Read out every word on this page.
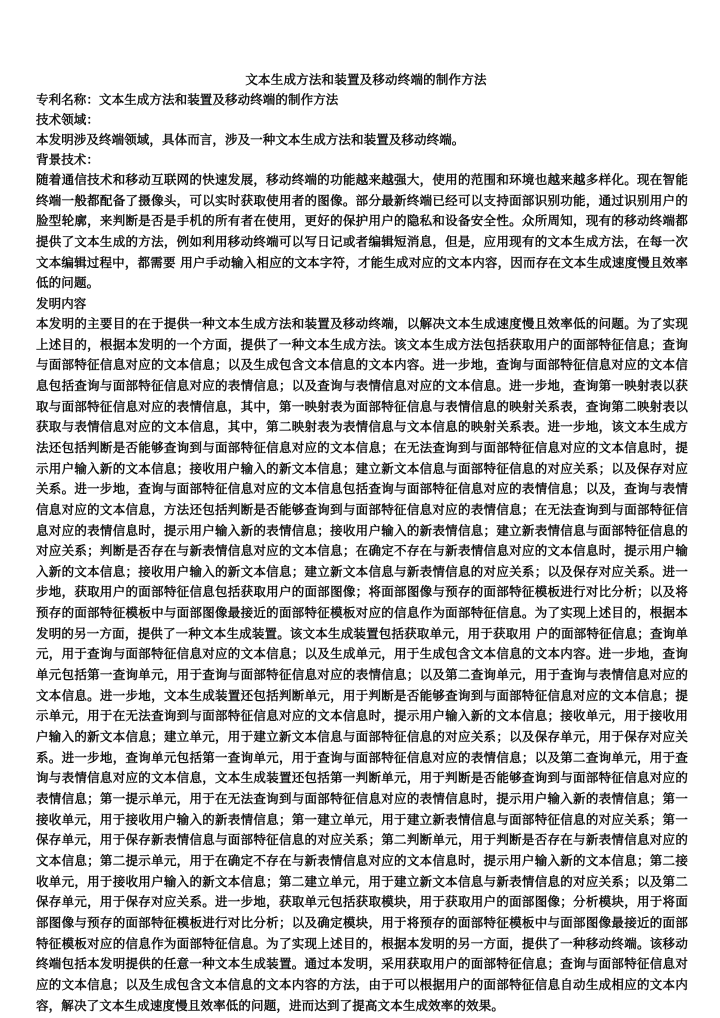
文本生成方法和装置及移动终端的制作方法

专利名称：文本生成方法和装置及移动终端的制作方法

技术领域：

本发明涉及终端领域，具体而言，涉及一种文本生成方法和装置及移动终端。

背景技术：

随着通信技术和移动互联网的快速发展，移动终端的功能越来越强大，使用的范围和环境也越来越多样化。现在智能终端一般都配备了摄像头，可以实时获取使用者的图像。部分最新终端已经可以支持面部识别功能，通过识别用户的脸型轮廓，来判断是否是手机的所有者在使用，更好的保护用户的隐私和设备安全性。众所周知，现有的移动终端都提供了文本生成的方法，例如利用移动终端可以写日记或者编辑短消息，但是，应用现有的文本生成方法，在每一次文本编辑过程中，都需要 用户手动输入相应的文本字符，才能生成对应的文本内容，因而存在文本生成速度慢且效率低的问题。

发明内容

本发明的主要目的在于提供一种文本生成方法和装置及移动终端，以解决文本生成速度慢且效率低的问题。为了实现上述目的，根据本发明的一个方面，提供了一种文本生成方法。该文本生成方法包括获取用户的面部特征信息；查询与面部特征信息对应的文本信息；以及生成包含文本信息的文本内容。进一步地，查询与面部特征信息对应的文本信息包括查询与面部特征信息对应的表情信息；以及查询与表情信息对应的文本信息。进一步地，查询第一映射表以获取与面部特征信息对应的表情信息，其中，第一映射表为面部特征信息与表情信息的映射关系表，查询第二映射表以获取与表情信息对应的文本信息，其中，第二映射表为表情信息与文本信息的映射关系表。进一步地，该文本生成方法还包括判断是否能够查询到与面部特征信息对应的文本信息；在无法查询到与面部特征信息对应的文本信息时，提示用户输入新的文本信息；接收用户输入的新文本信息；建立新文本信息与面部特征信息的对应关系；以及保存对应关系。进一步地，查询与面部特征信息对应的文本信息包括查询与面部特征信息对应的表情信息；以及，查询与表情信息对应的文本信息，方法还包括判断是否能够查询到与面部特征信息对应的表情信息；在无法查询到与面部特征信息对应的表情信息时，提示用户输入新的表情信息；接收用户输入的新表情信息；建立新表情信息与面部特征信息的对应关系；判断是否存在与新表情信息对应的文本信息；在确定不存在与新表情信息对应的文本信息时，提示用户输入新的文本信息；接收用户输入的新文本信息；建立新文本信息与新表情信息的对应关系；以及保存对应关系。进一步地，获取用户的面部特征信息包括获取用户的面部图像；将面部图像与预存的面部特征模板进行对比分析；以及将预存的面部特征模板中与面部图像最接近的面部特征模板对应的信息作为面部特征信息。为了实现上述目的，根据本发明的另一方面，提供了一种文本生成装置。该文本生成装置包括获取单元，用于获取用 户的面部特征信息；查询单元，用于查询与面部特征信息对应的文本信息；以及生成单元，用于生成包含文本信息的文本内容。进一步地，查询单元包括第一查询单元，用于查询与面部特征信息对应的表情信息；以及第二查询单元，用于查询与表情信息对应的文本信息。进一步地，文本生成装置还包括判断单元，用于判断是否能够查询到与面部特征信息对应的文本信息；提示单元，用于在无法查询到与面部特征信息对应的文本信息时，提示用户输入新的文本信息；接收单元，用于接收用户输入的新文本信息；建立单元，用于建立新文本信息与面部特征信息的对应关系；以及保存单元，用于保存对应关系。进一步地，查询单元包括第一查询单元，用于查询与面部特征信息对应的表情信息；以及第二查询单元，用于查询与表情信息对应的文本信息，文本生成装置还包括第一判断单元，用于判断是否能够查询到与面部特征信息对应的表情信息；第一提示单元，用于在无法查询到与面部特征信息对应的表情信息时，提示用户输入新的表情信息；第一接收单元，用于接收用户输入的新表情信息；第一建立单元，用于建立新表情信息与面部特征信息的对应关系；第一保存单元，用于保存新表情信息与面部特征信息的对应关系；第二判断单元，用于判断是否存在与新表情信息对应的文本信息；第二提示单元，用于在确定不存在与新表情信息对应的文本信息时，提示用户输入新的文本信息；第二接收单元，用于接收用户输入的新文本信息；第二建立单元，用于建立新文本信息与新表情信息的对应关系；以及第二保存单元，用于保存对应关系。进一步地，获取单元包括获取模块，用于获取用户的面部图像；分析模块，用于将面部图像与预存的面部特征模板进行对比分析；以及确定模块，用于将预存的面部特征模板中与面部图像最接近的面部特征模板对应的信息作为面部特征信息。为了实现上述目的，根据本发明的另一方面，提供了一种移动终端。该移动终端包括本发明提供的任意一种文本生成装置。通过本发明，采用获取用户的面部特征信息；查询与面部特征信息对应的文本信息；以及生成包含文本信息的文本内容的方法，由于可以根据用户的面部特征信息自动生成相应的文本内容，解决了文本生成速度慢且效率低的问题，进而达到了提高文本生成效率的效果。
